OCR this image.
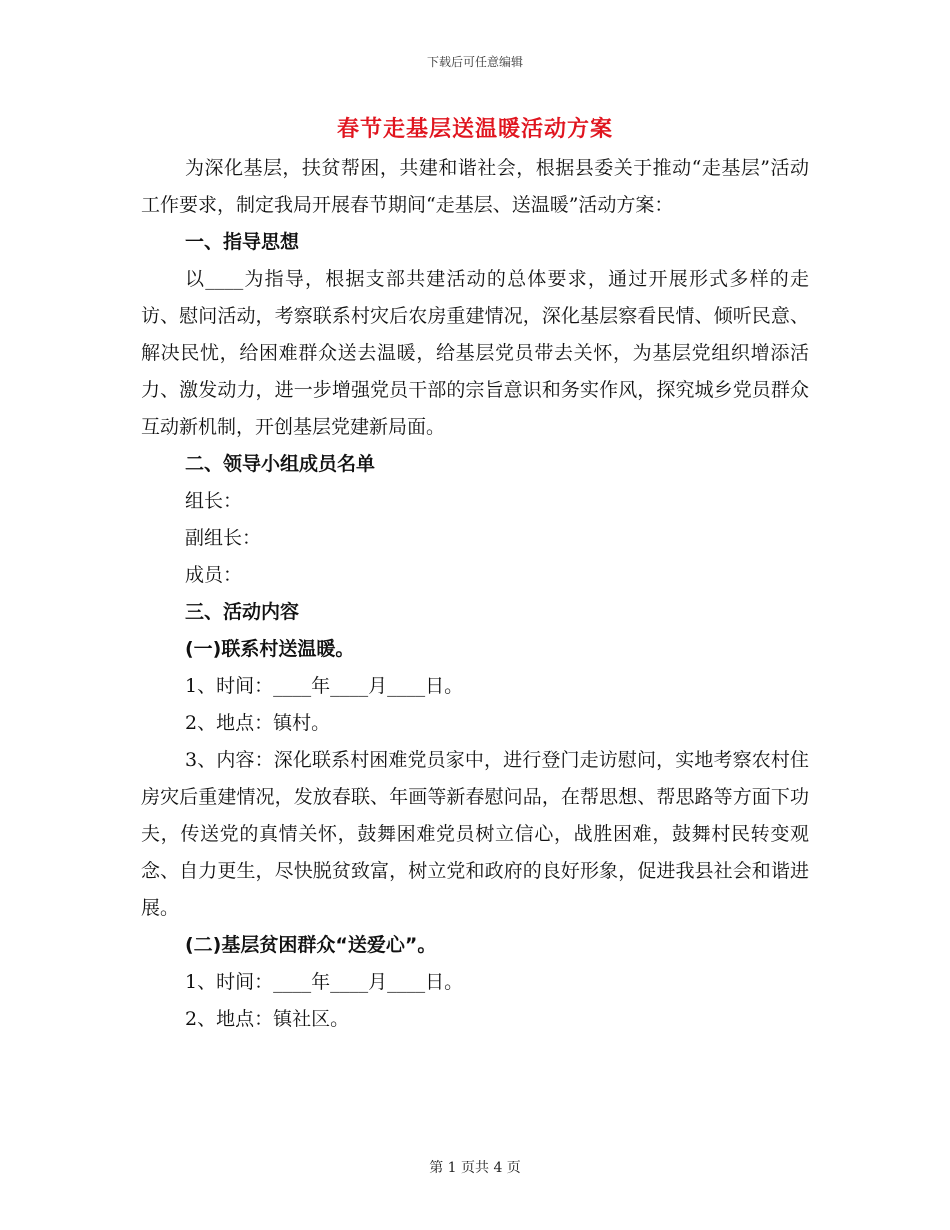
下载后可任意编辑
春节走基层送温暖活动方案

为深化基层，扶贫帮困，共建和谐社会，根据县委关于推动“走基层”活动工作要求，制定我局开展春节期间“走基层、送温暖”活动方案：

一、指导思想

以____为指导，根据支部共建活动的总体要求，通过开展形式多样的走访、慰问活动，考察联系村灾后农房重建情况，深化基层察看民情、倾听民意、解决民忧，给困难群众送去温暖，给基层党员带去关怀，为基层党组织增添活力、激发动力，进一步增强党员干部的宗旨意识和务实作风，探究城乡党员群众互动新机制，开创基层党建新局面。

二、领导小组成员名单

组长：

副组长：

成员：

三、活动内容

(一)联系村送温暖。

1、时间：____年____月____日。

2、地点：镇村。

3、内容：深化联系村困难党员家中，进行登门走访慰问，实地考察农村住房灾后重建情况，发放春联、年画等新春慰问品，在帮思想、帮思路等方面下功夫，传送党的真情关怀，鼓舞困难党员树立信心，战胜困难，鼓舞村民转变观念、自力更生，尽快脱贫致富，树立党和政府的良好形象，促进我县社会和谐进展。

(二)基层贫困群众“送爱心”。

1、时间：____年____月____日。

2、地点：镇社区。

第 1 页共 4 页
